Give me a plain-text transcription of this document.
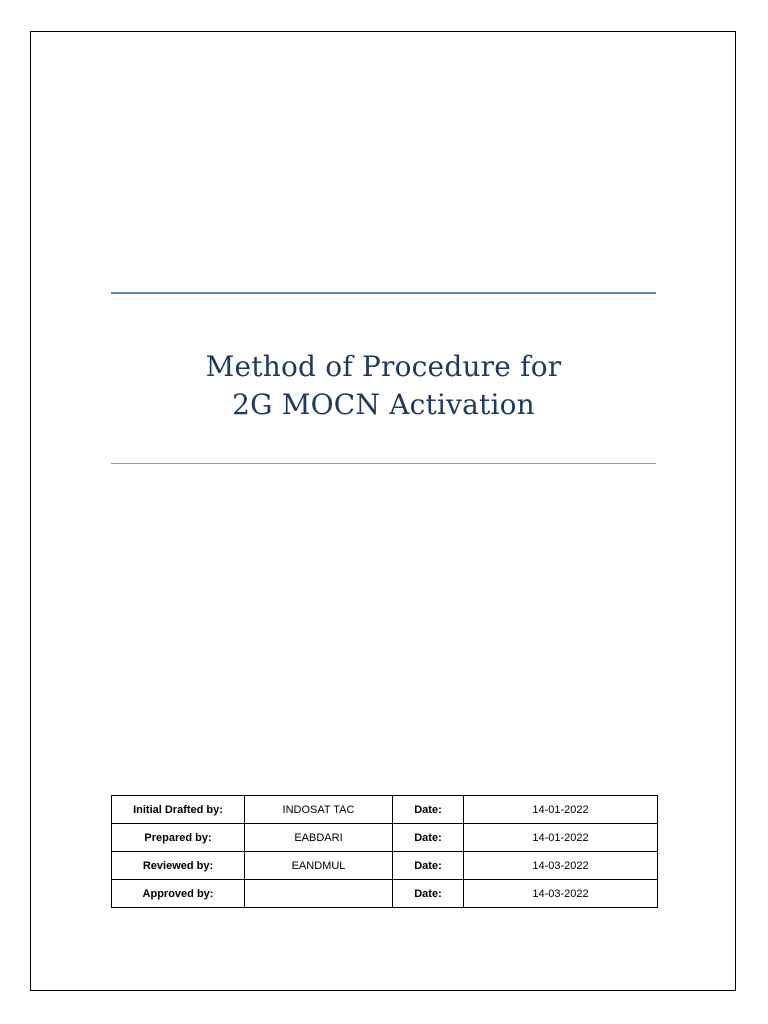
Method of Procedure for
2G MOCN Activation
Initial Drafted by:	INDOSAT TAC	Date:	14-01-2022
Prepared by:	EABDARI	Date:	14-01-2022
Reviewed by:	EANDMUL	Date:	14-03-2022
Approved by:		Date:	14-03-2022
